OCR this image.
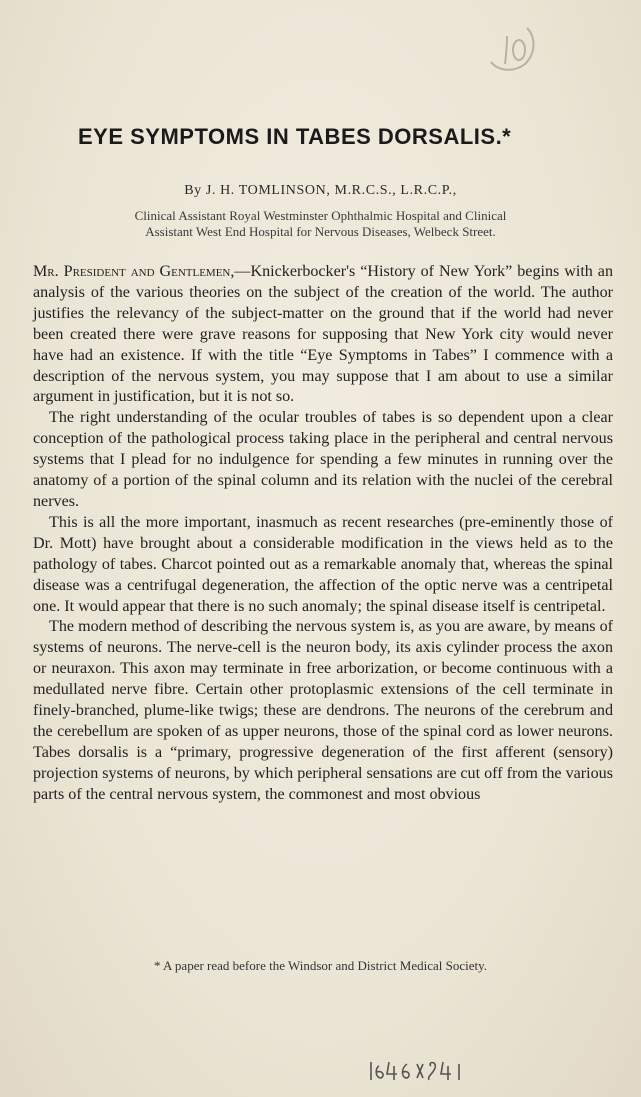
EYE SYMPTOMS IN TABES DORSALIS.*
By J. H. TOMLINSON, M.R.C.S., L.R.C.P.,
Clinical Assistant Royal Westminster Ophthalmic Hospital and Clinical
Assistant West End Hospital for Nervous Diseases, Welbeck Street.

Mr. President and Gentlemen,—Knickerbocker's “History of New York” begins with an analysis of the various theories on the subject of the creation of the world. The author justifies the relevancy of the subject-matter on the ground that if the world had never been created there were grave reasons for supposing that New York city would never have had an existence. If with the title “Eye Symptoms in Tabes” I commence with a description of the nervous system, you may suppose that I am about to use a similar argument in justification, but it is not so.

The right understanding of the ocular troubles of tabes is so dependent upon a clear conception of the pathological process taking place in the peripheral and central nervous systems that I plead for no indulgence for spending a few minutes in running over the anatomy of a portion of the spinal column and its relation with the nuclei of the cerebral nerves.

This is all the more important, inasmuch as recent researches (pre-eminently those of Dr. Mott) have brought about a considerable modification in the views held as to the pathology of tabes. Charcot pointed out as a remarkable anomaly that, whereas the spinal disease was a centrifugal degeneration, the affection of the optic nerve was a centripetal one. It would appear that there is no such anomaly; the spinal disease itself is centripetal.

The modern method of describing the nervous system is, as you are aware, by means of systems of neurons. The nerve-cell is the neuron body, its axis cylinder process the axon or neuraxon. This axon may terminate in free arborization, or become continuous with a medullated nerve fibre. Certain other protoplasmic extensions of the cell terminate in finely-branched, plume-like twigs; these are dendrons. The neurons of the cerebrum and the cerebellum are spoken of as upper neurons, those of the spinal cord as lower neurons. Tabes dorsalis is a “primary, progressive degeneration of the first afferent (sensory) projection systems of neurons, by which peripheral sensations are cut off from the various parts of the central nervous system, the commonest and most obvious

* A paper read before the Windsor and District Medical Society.
